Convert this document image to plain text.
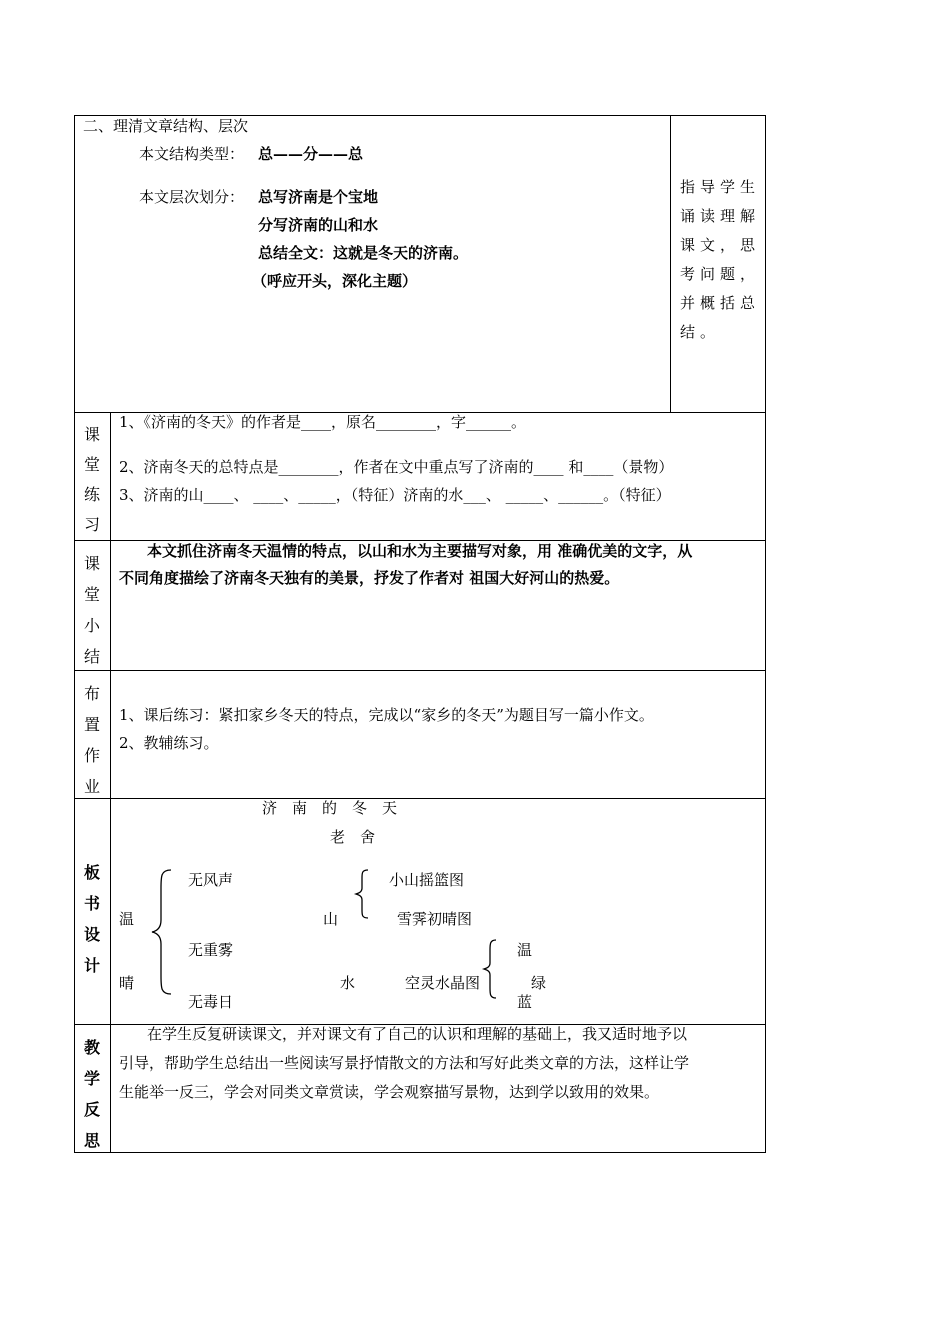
二、理清文章结构、层次
本文结构类型： 总——分——总
本文层次划分： 总写济南是个宝地
分写济南的山和水
总结全文：这就是冬天的济南。
（呼应开头，深化主题）
指导学生
诵读理解
课文，思
考问题，
并概括总
结。
课
堂
练
习
1、《济南的冬天》的作者是____，原名________，字______。
2、济南冬天的总特点是________，作者在文中重点写了济南的____ 和____（景物）
3、济南的山____、 ____、_____，（特征）济南的水___、 _____、______。（特征）
课
堂
小
结
本文抓住济南冬天温情的特点，以山和水为主要描写对象，用 准确优美的文字，从
不同角度描绘了济南冬天独有的美景，抒发了作者对 祖国大好河山的热爱。
布
置
作
业
1、课后练习：紧扣家乡冬天的特点，完成以“家乡的冬天”为题目写一篇小作文。
2、教辅练习。
板
书
设
计
济　南　的　冬　天
老　舍
温
晴
无风声
无重雾
无毒日
山
小山摇篮图
雪霁初晴图
水	空灵水晶图
温
绿
蓝
教
学
反
思
在学生反复研读课文，并对课文有了自己的认识和理解的基础上，我又适时地予以
引导，帮助学生总结出一些阅读写景抒情散文的方法和写好此类文章的方法，这样让学
生能举一反三，学会对同类文章赏读，学会观察描写景物，达到学以致用的效果。
